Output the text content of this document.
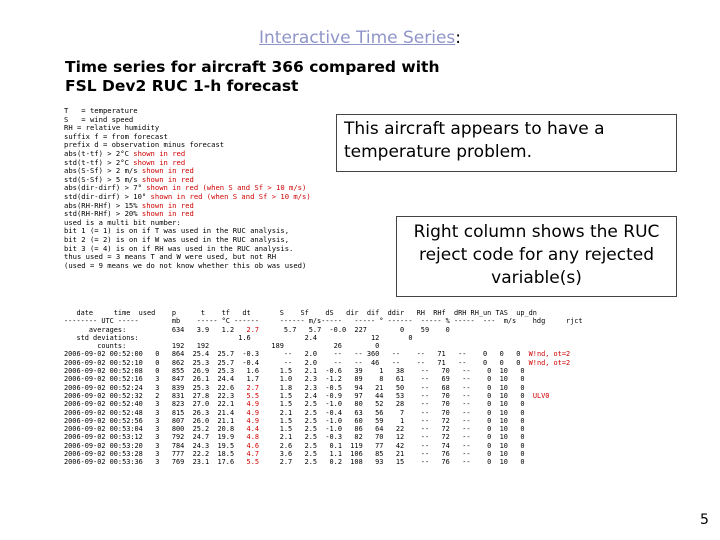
Interactive Time Series:
Time series for aircraft 366 compared with FSL Dev2 RUC 1-h forecast
T   = temperature
S   = wind speed
RH = relative humidity
suffix f = from forecast
prefix d = observation minus forecast
abs(t-tf) > 2°C shown in red
std(t-tf) > 2°C shown in red
abs(S-Sf) > 2 m/s shown in red
std(S-Sf) > 5 m/s shown in red
abs(dir-dirf) > 7° shown in red (when S and Sf > 10 m/s)
std(dir-dirf) > 10° shown in red (when S and Sf > 10 m/s)
abs(RH-RHf) > 15% shown in red
std(RH-RHf) > 20% shown in red
used is a multi bit number:
bit 1 (= 1) is on if T was used in the RUC analysis,
bit 2 (= 2) is on if W was used in the RUC analysis,
bit 3 (= 4) is on if RH was used in the RUC analysis.
thus used = 3 means T and W were used, but not RH
(used = 9 means we do not know whether this ob was used)
date     time  used    p      t    tf   dt       S    Sf    dS   dir  dif  ddir   RH  RHf  dRH RH_un TAS  up_dn
-------- UTC -----        mb    ----- °C ------     ------ m/s-----   ----- ° ------  ----- % -----  ---  m/s    hdg     rjct
averages:           634   3.9   1.2   2.7      5.7   5.7  -0.0  227        0    59    0
std deviations:                        1.6             2.4             12       0
counts:           192   192               189            26        0
2006-09-02 00:52:00   0   864  25.4  25.7  -0.3      --   2.0    --   -- 360   --    --   71   --    0   0   0  W!nd, ot=2
2006-09-02 00:52:10   0   862  25.3  25.7  -0.4      --   2.0    --   --  46   --    --   71   --    0   0   0  W!nd, ot=2
2006-09-02 00:52:08   0   855  26.9  25.3   1.6     1.5   2.1  -0.6   39    1   38    --   70   --    0  10   0
2006-09-02 00:52:16   3   847  26.1  24.4   1.7     1.0   2.3  -1.2   89    8   61    --   69   --    0  10   0
2006-09-02 00:52:24   3   839  25.3  22.6   2.7     1.8   2.3  -0.5   94   21   50    --   68   --    0  10   0
2006-09-02 00:52:32   2   831  27.8  22.3   5.5     1.5   2.4  -0.9   97   44   53    --   70   --    0  10   0  ULV0
2006-09-02 00:52:40   3   823  27.0  22.1   4.9     1.5   2.5  -1.0   80   52   28    --   70   --    0  10   0
2006-09-02 00:52:48   3   815  26.3  21.4   4.9     2.1   2.5  -0.4   63   56    7    --   70   --    0  10   0
2006-09-02 00:52:56   3   807  26.0  21.1   4.9     1.5   2.5  -1.0   60   59    1    --   72   --    0  10   0
2006-09-02 00:53:04   3   800  25.2  20.8   4.4     1.5   2.5  -1.0   86   64   22    --   72   --    0  10   0
2006-09-02 00:53:12   3   792  24.7  19.9   4.8     2.1   2.5  -0.3   82   70   12    --   72   --    0  10   0
2006-09-02 00:53:20   3   784  24.3  19.5   4.6     2.6   2.5   0.1  119   77   42    --   74   --    0  10   0
2006-09-02 00:53:28   3   777  22.2  18.5   4.7     3.6   2.5   1.1  106   85   21    --   76   --    0  10   0
2006-09-02 00:53:36   3   769  23.1  17.6   5.5     2.7   2.5   0.2  108   93   15    --   76   --    0  10   0
This aircraft appears to have a temperature problem.
Right column shows the RUC reject code for any rejected variable(s)
5
